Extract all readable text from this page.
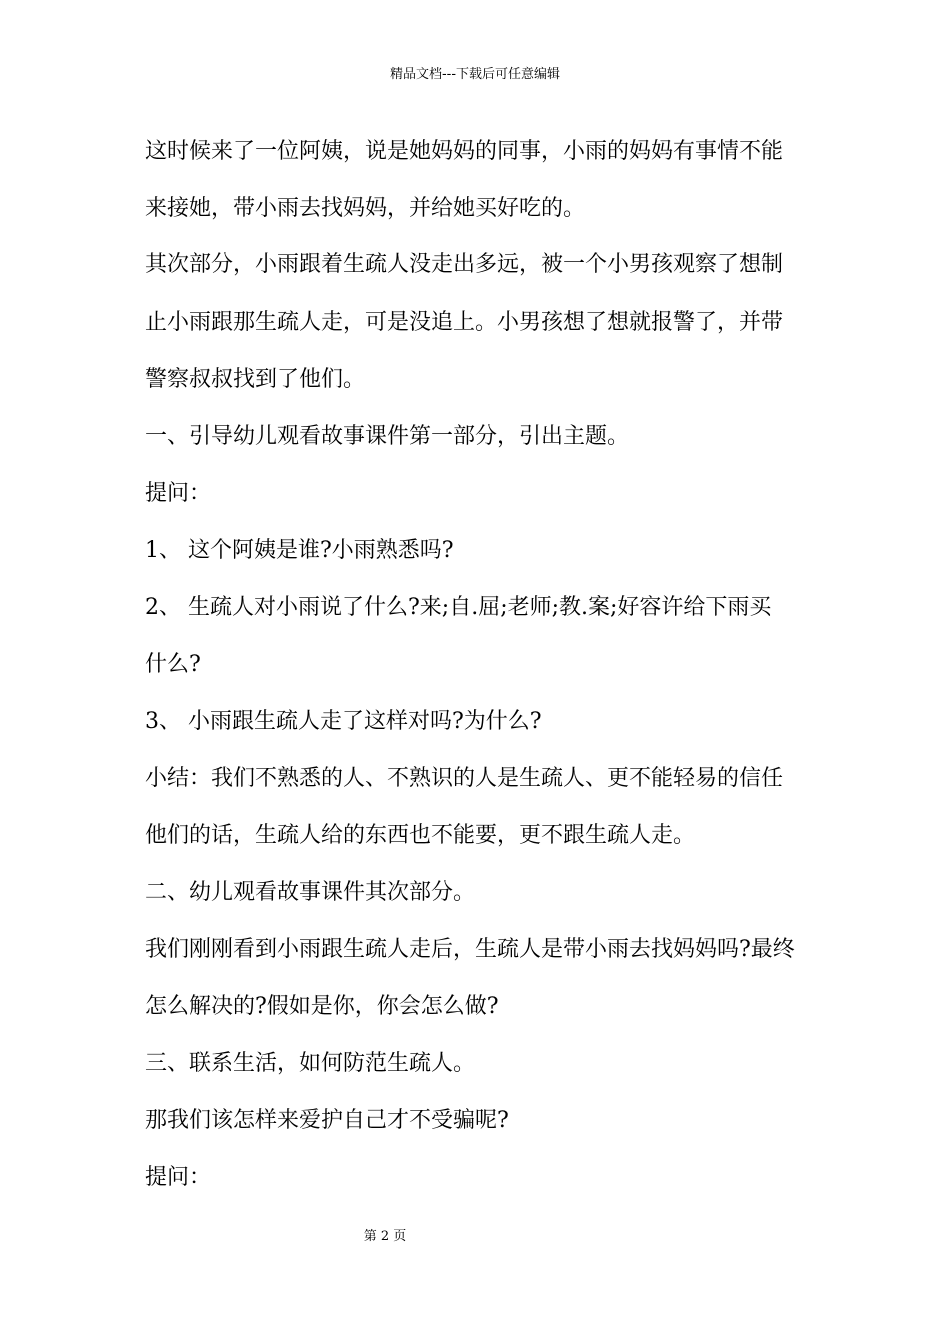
精品文档---下载后可任意编辑
这时候来了一位阿姨，说是她妈妈的同事，小雨的妈妈有事情不能
来接她，带小雨去找妈妈，并给她买好吃的。
其次部分，小雨跟着生疏人没走出多远，被一个小男孩观察了想制
止小雨跟那生疏人走，可是没追上。小男孩想了想就报警了，并带
警察叔叔找到了他们。
一、引导幼儿观看故事课件第一部分，引出主题。
提问：
1、 这个阿姨是谁?小雨熟悉吗?
2、 生疏人对小雨说了什么?来;自.屈;老师;教.案;好容许给下雨买
什么?
3、 小雨跟生疏人走了这样对吗?为什么?
小结：我们不熟悉的人、不熟识的人是生疏人、更不能轻易的信任
他们的话，生疏人给的东西也不能要，更不跟生疏人走。
二、幼儿观看故事课件其次部分。
我们刚刚看到小雨跟生疏人走后，生疏人是带小雨去找妈妈吗?最终
怎么解决的?假如是你，你会怎么做?
三、联系生活，如何防范生疏人。
那我们该怎样来爱护自己才不受骗呢?
提问：
第 2 页
